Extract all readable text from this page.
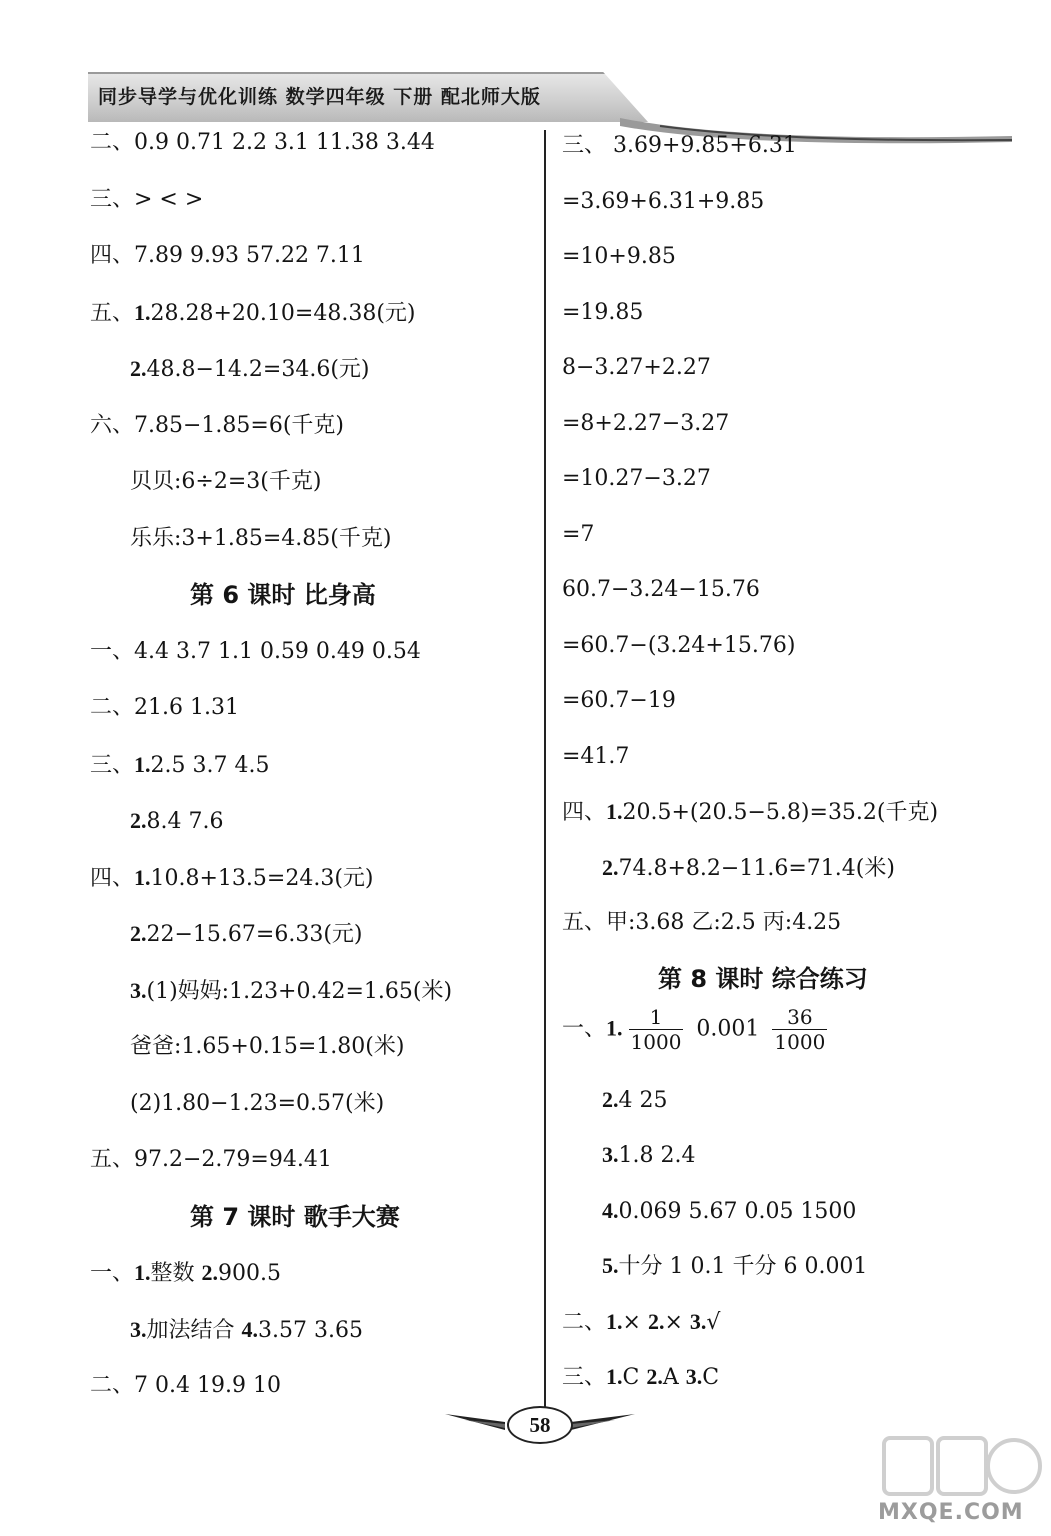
同步导学与优化训练 数学四年级 下册 配北师大版
二、0.9 0.71 2.2 3.1 11.38 3.44
三、> < >
四、7.89 9.93 57.22 7.11
五、1.28.28+20.10=48.38(元)
2.48.8−14.2=34.6(元)
六、7.85−1.85=6(千克)
贝贝:6÷2=3(千克)
乐乐:3+1.85=4.85(千克)
第 6 课时 比身高
一、4.4 3.7 1.1 0.59 0.49 0.54
二、21.6 1.31
三、1.2.5 3.7 4.5
2.8.4 7.6
四、1.10.8+13.5=24.3(元)
2.22−15.67=6.33(元)
3.(1)妈妈:1.23+0.42=1.65(米)
爸爸:1.65+0.15=1.80(米)
(2)1.80−1.23=0.57(米)
五、97.2−2.79=94.41
第 7 课时 歌手大赛
一、1.整数 2.900.5
3.加法结合 4.3.57 3.65
二、7 0.4 19.9 10
三、 3.69+9.85+6.31
=3.69+6.31+9.85
=10+9.85
=19.85
8−3.27+2.27
=8+2.27−3.27
=10.27−3.27
=7
60.7−3.24−15.76
=60.7−(3.24+15.76)
=60.7−19
=41.7
四、1.20.5+(20.5−5.8)=35.2(千克)
2.74.8+8.2−11.6=71.4(米)
五、甲:3.68 乙:2.5 丙:4.25
第 8 课时 综合练习
一、1. $\frac{1}{1000} 0.001 \frac{36}{1000}$
2.4 25
3.1.8 2.4
4.0.069 5.67 0.05 1500
5.十分 1 0.1 千分 6 0.001
二、1.× 2.× 3.√
三、1.C 2.A 3.C
58
MXQE.COM
